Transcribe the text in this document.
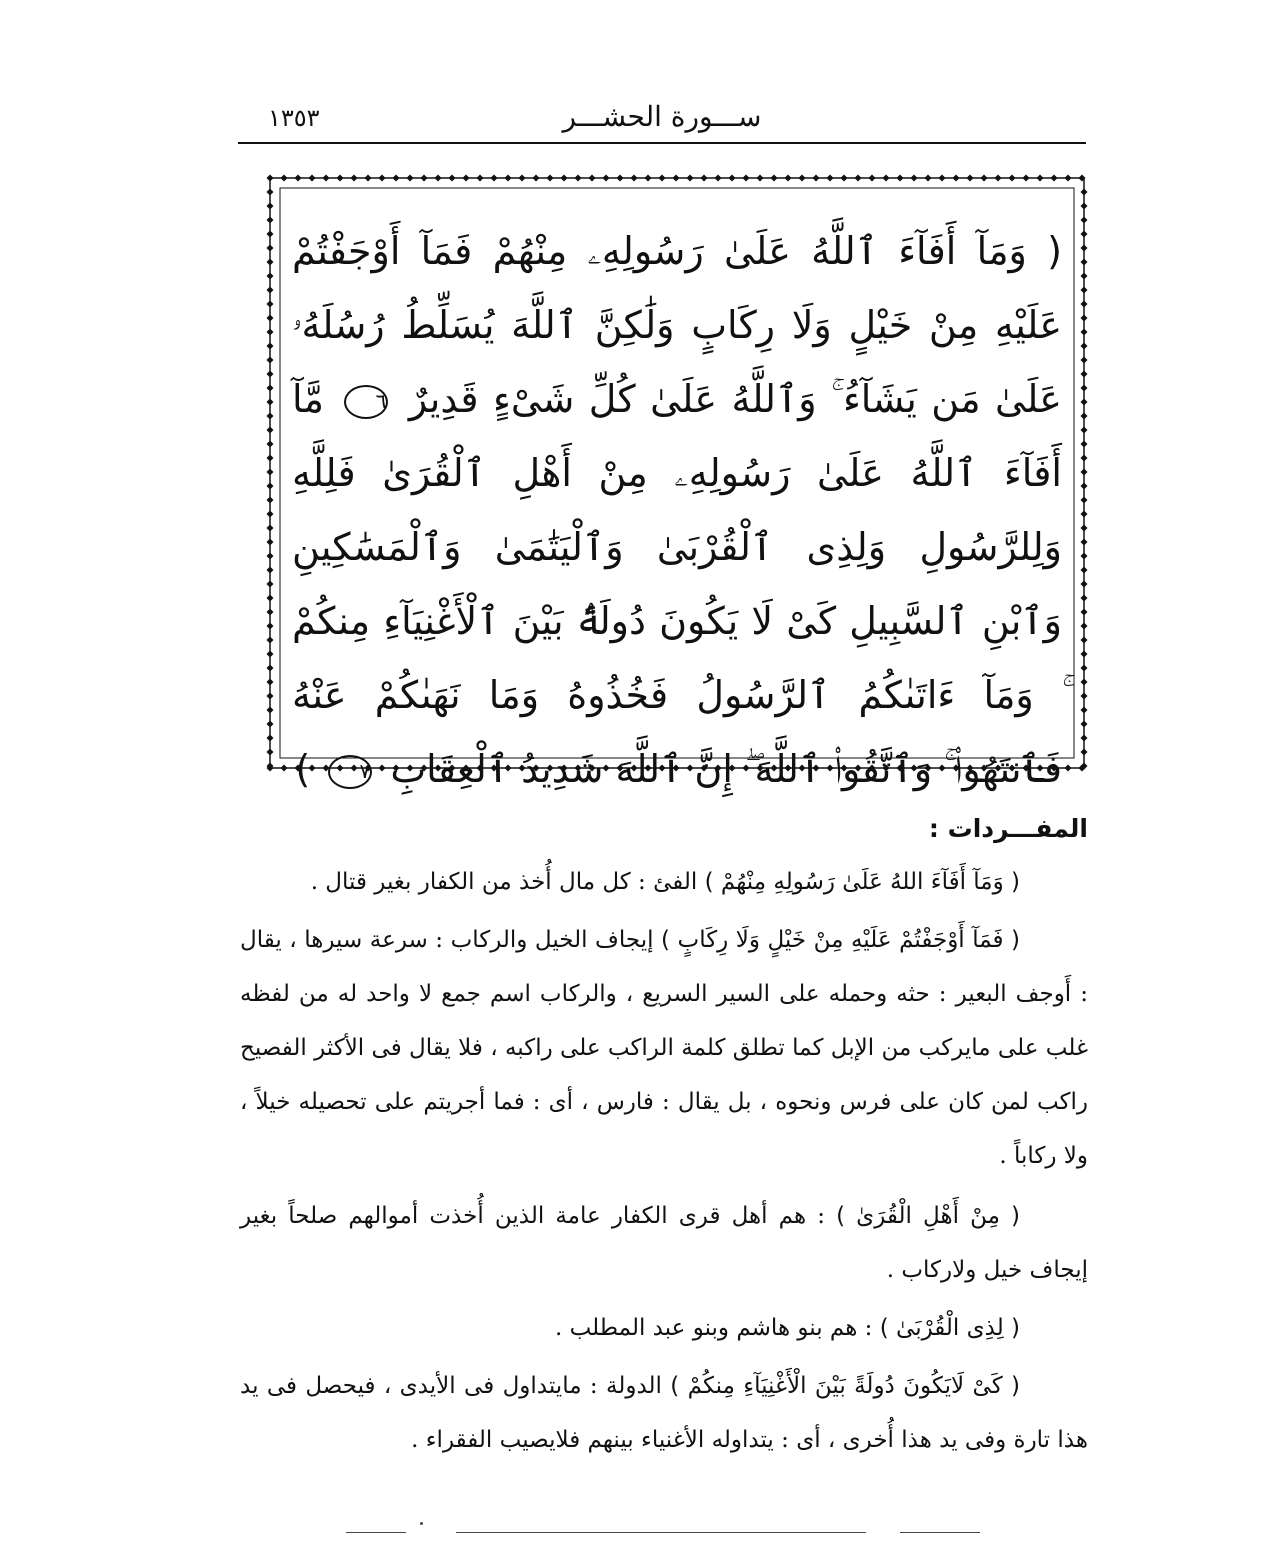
١٣٥٣	ســـورة الحشـــر
( وَمَآ أَفَآءَ ٱللَّهُ عَلَىٰ رَسُولِهِۦ مِنْهُمْ فَمَآ أَوْجَفْتُمْ عَلَيْهِ مِنْ خَيْلٍ وَلَا رِكَابٍ وَلَٰكِنَّ ٱللَّهَ يُسَلِّطُ رُسُلَهُۥ عَلَىٰ مَن يَشَآءُ ۚ وَٱللَّهُ عَلَىٰ كُلِّ شَىْءٍ قَدِيرٌ ٦ مَّآ أَفَآءَ ٱللَّهُ عَلَىٰ رَسُولِهِۦ مِنْ أَهْلِ ٱلْقُرَىٰ فَلِلَّهِ وَلِلرَّسُولِ وَلِذِى ٱلْقُرْبَىٰ وَٱلْيَتَٰمَىٰ وَٱلْمَسَٰكِينِ وَٱبْنِ ٱلسَّبِيلِ كَىْ لَا يَكُونَ دُولَةًۢ بَيْنَ ٱلْأَغْنِيَآءِ مِنكُمْ ۚ وَمَآ ءَاتَىٰكُمُ ٱلرَّسُولُ فَخُذُوهُ وَمَا نَهَىٰكُمْ عَنْهُ فَٱنتَهُوا۟ ۚ وَٱتَّقُوا۟ ٱللَّهَ ۖ إِنَّ ٱللَّهَ شَدِيدُ ٱلْعِقَابِ ٧ )
المفـــردات :

( وَمَآ أَفَآءَ اللهُ عَلَىٰ رَسُولِهِ مِنْهُمْ ) الفئ : كل مال أُخذ من الكفار بغير قتال .

( فَمَآ أَوْجَفْتُمْ عَلَيْهِ مِنْ خَيْلٍ وَلَا رِكَابٍ ) إيجاف الخيل والركاب : سرعة سيرها ، يقال : أَوجف البعير : حثه وحمله على السير السريع ، والركاب اسم جمع لا واحد له من لفظه غلب على مايركب من الإبل كما تطلق كلمة الراكب على راكبه ، فلا يقال فى الأكثر الفصيح راكب لمن كان على فرس ونحوه ، بل يقال : فارس ، أى : فما أجريتم على تحصيله خيلاً ، ولا ركاباً .

( مِنْ أَهْلِ الْقُرَىٰ ) : هم أهل قرى الكفار عامة الذين أُخذت أموالهم صلحاً بغير إيجاف خيل ولاركاب .

( لِذِى الْقُرْبَىٰ ) : هم بنو هاشم وبنو عبد المطلب .

( كَىْ لَايَكُونَ دُولَةً بَيْنَ الْأَغْنِيَآءِ مِنكُمْ ) الدولة : مايتداول فى الأيدى ، فيحصل فى يد هذا تارة وفى يد هذا أُخرى ، أى : يتداوله الأغنياء بينهم فلايصيب الفقراء .
